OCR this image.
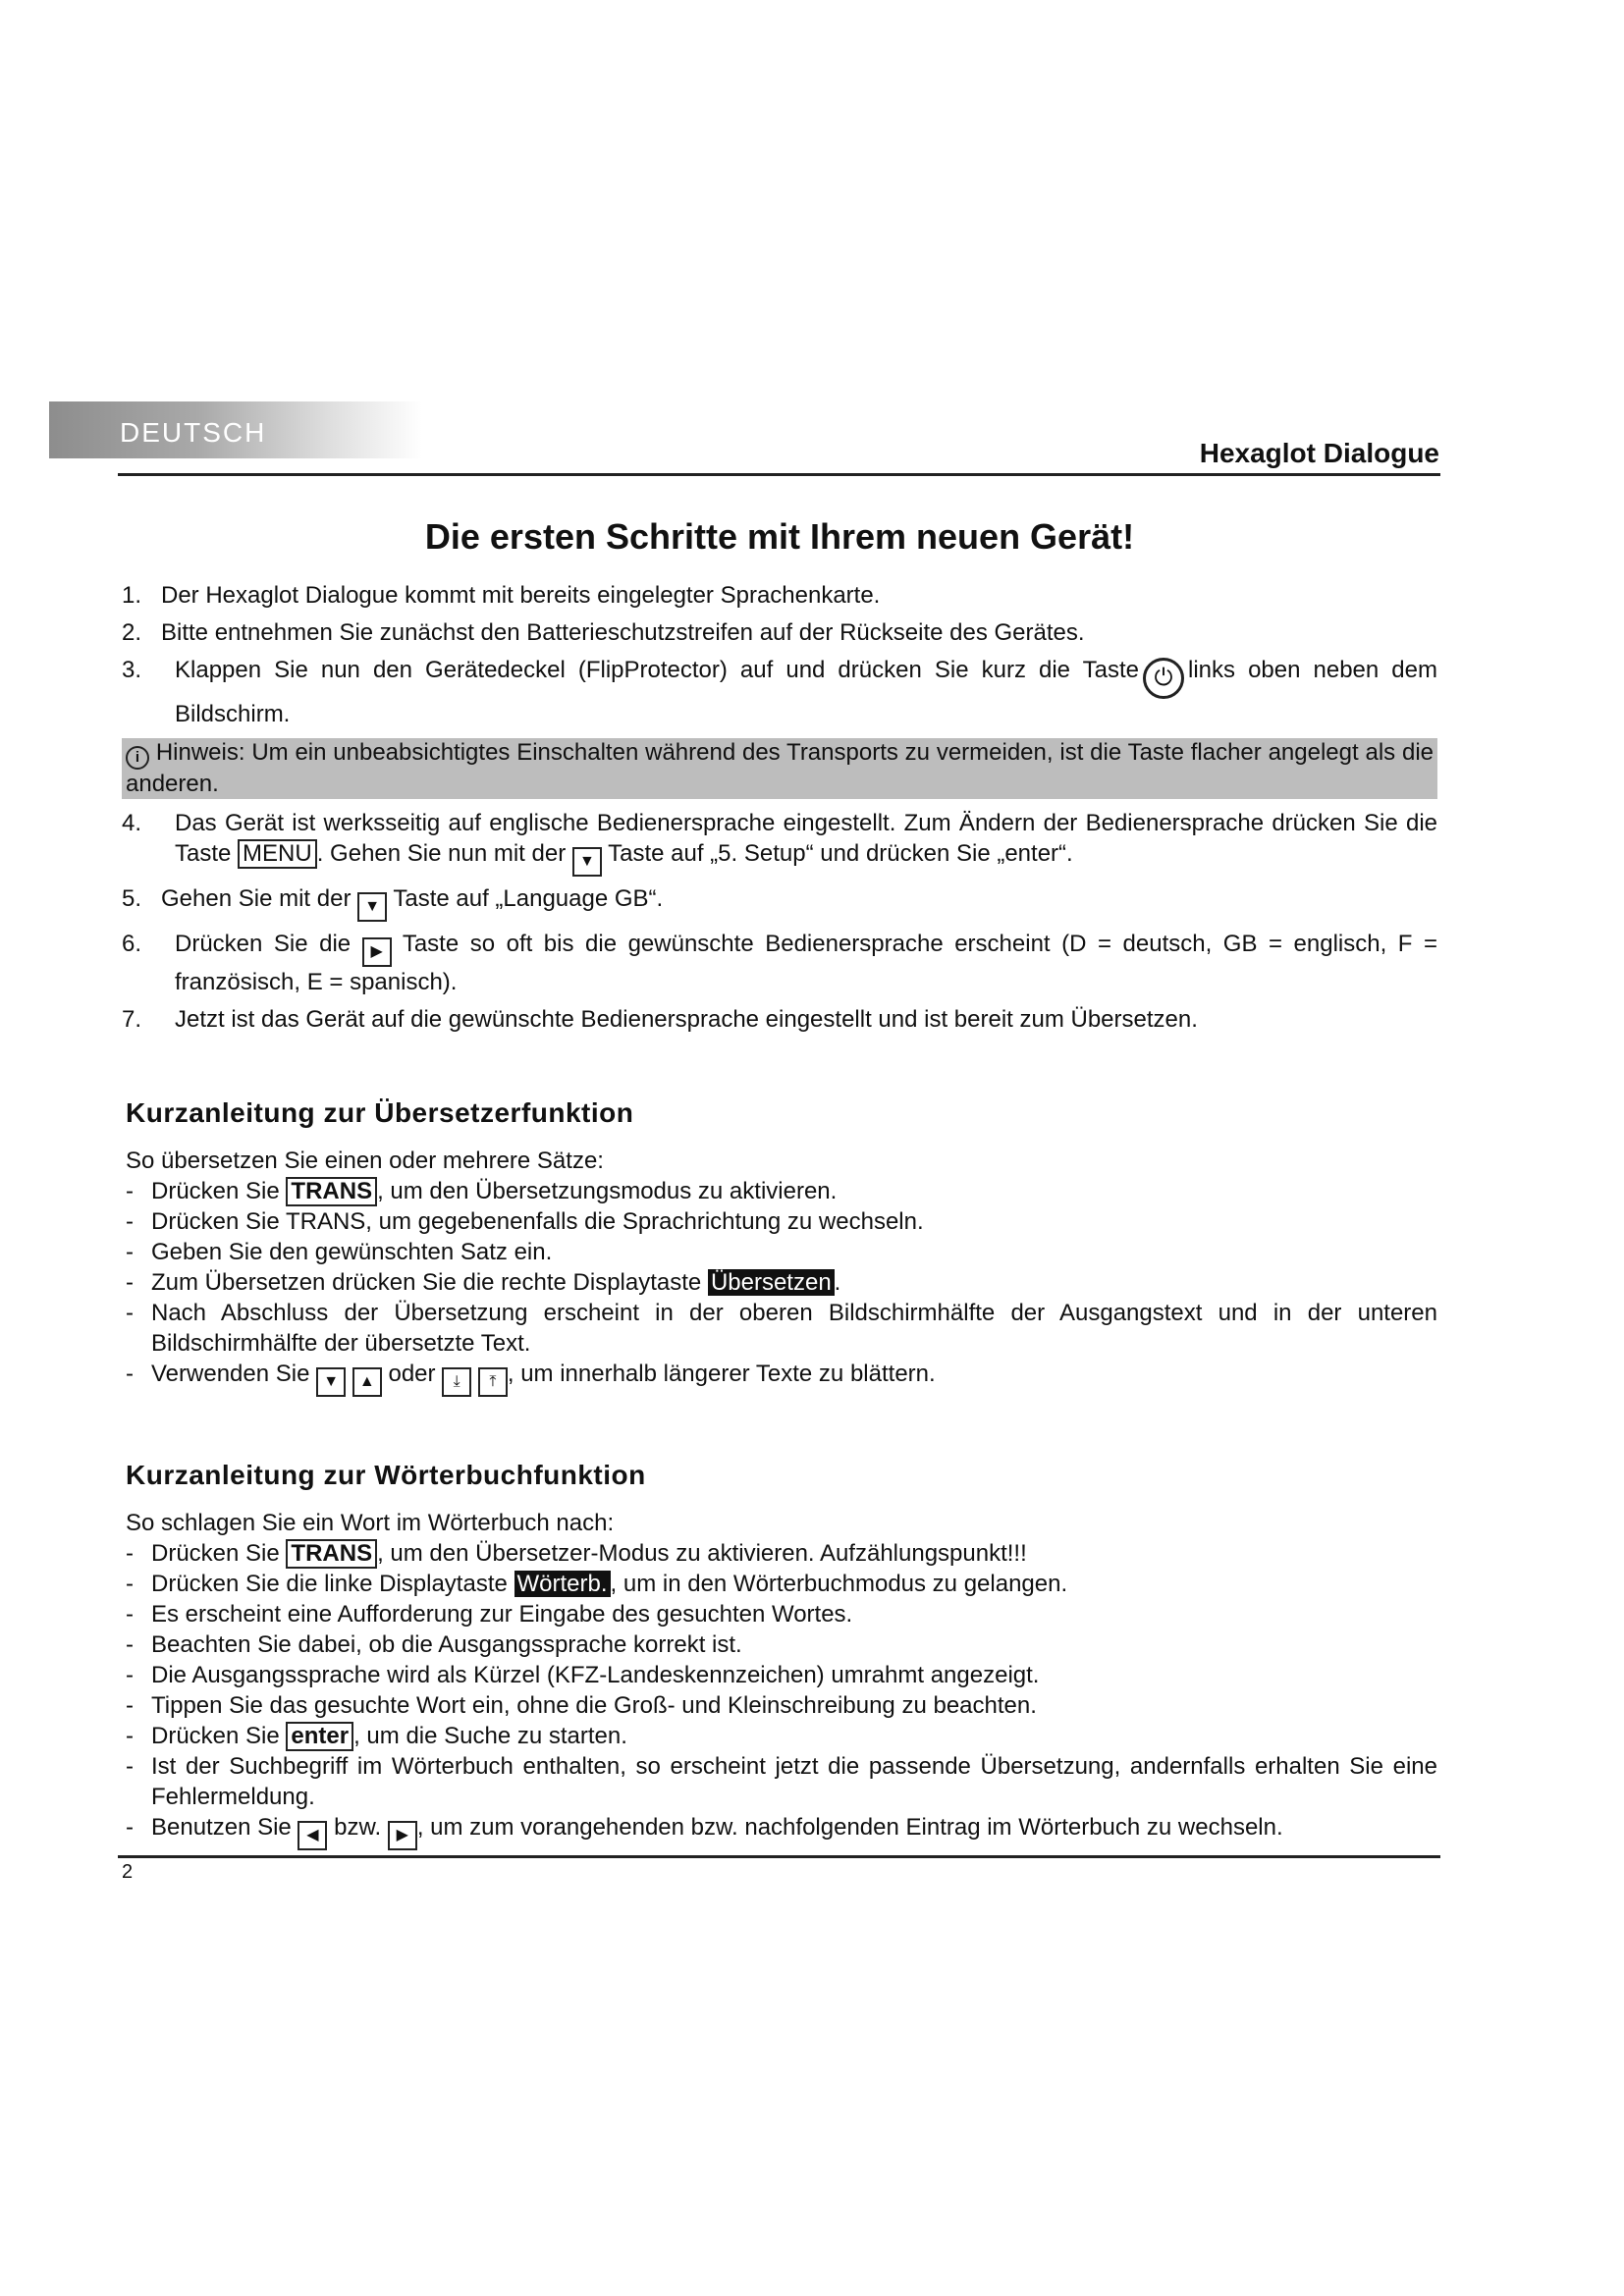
DEUTSCH
Hexaglot Dialogue
Die ersten Schritte mit Ihrem neuen Gerät!
1. Der Hexaglot Dialogue kommt mit bereits eingelegter Sprachenkarte.
2. Bitte entnehmen Sie zunächst den Batterieschutzstreifen auf der Rückseite des Gerätes.
3.	Klappen Sie nun den Gerätedeckel (FlipProtector) auf und drücken Sie kurz die Taste ⏻ links oben neben dem Bildschirm.
i Hinweis: Um ein unbeabsichtigtes Einschalten während des Transports zu vermeiden, ist die Taste flacher angelegt als die anderen.
4.	Das Gerät ist werksseitig auf englische Bedienersprache eingestellt. Zum Ändern der Bedienersprache drücken Sie die Taste MENU . Gehen Sie nun mit der ▼ Taste auf „5. Setup“ und drücken Sie „enter“.
5. Gehen Sie mit der ▼ Taste auf „Language GB“.
6.	Drücken Sie die ▶ Taste so oft bis die gewünschte Bedienersprache erscheint (D = deutsch, GB = englisch, F = französisch, E = spanisch).
7.	Jetzt ist das Gerät auf die gewünschte Bedienersprache eingestellt und ist bereit zum Übersetzen.
Kurzanleitung zur Übersetzerfunktion
So übersetzen Sie einen oder mehrere Sätze:
- Drücken Sie TRANS , um den Übersetzungsmodus zu aktivieren.
- Drücken Sie TRANS, um gegebenenfalls die Sprachrichtung zu wechseln.
- Geben Sie den gewünschten Satz ein.
- Zum Übersetzen drücken Sie die rechte Displaytaste Übersetzen .
- Nach Abschluss der Übersetzung erscheint in der oberen Bildschirmhälfte der Ausgangstext und in der unteren Bildschirmhälfte der übersetzte Text.
- Verwenden Sie ▼ ▲ oder ⤓ ⤒ , um innerhalb längerer Texte zu blättern.
Kurzanleitung zur Wörterbuchfunktion
So schlagen Sie ein Wort im Wörterbuch nach:
- Drücken Sie TRANS , um den Übersetzer-Modus zu aktivieren. Aufzählungspunkt!!!
- Drücken Sie die linke Displaytaste Wörterb. , um in den Wörterbuchmodus zu gelangen.
- Es erscheint eine Aufforderung zur Eingabe des gesuchten Wortes.
- Beachten Sie dabei, ob die Ausgangssprache korrekt ist.
- Die Ausgangssprache wird als Kürzel (KFZ-Landeskennzeichen) umrahmt angezeigt.
- Tippen Sie das gesuchte Wort ein, ohne die Groß- und Kleinschreibung zu beachten.
- Drücken Sie enter , um die Suche zu starten.
- Ist der Suchbegriff im Wörterbuch enthalten, so erscheint jetzt die passende Übersetzung, andernfalls erhalten Sie eine Fehlermeldung.
- Benutzen Sie ◀ bzw. ▶ , um zum vorangehenden bzw. nachfolgenden Eintrag im Wörterbuch zu wechseln.
2
